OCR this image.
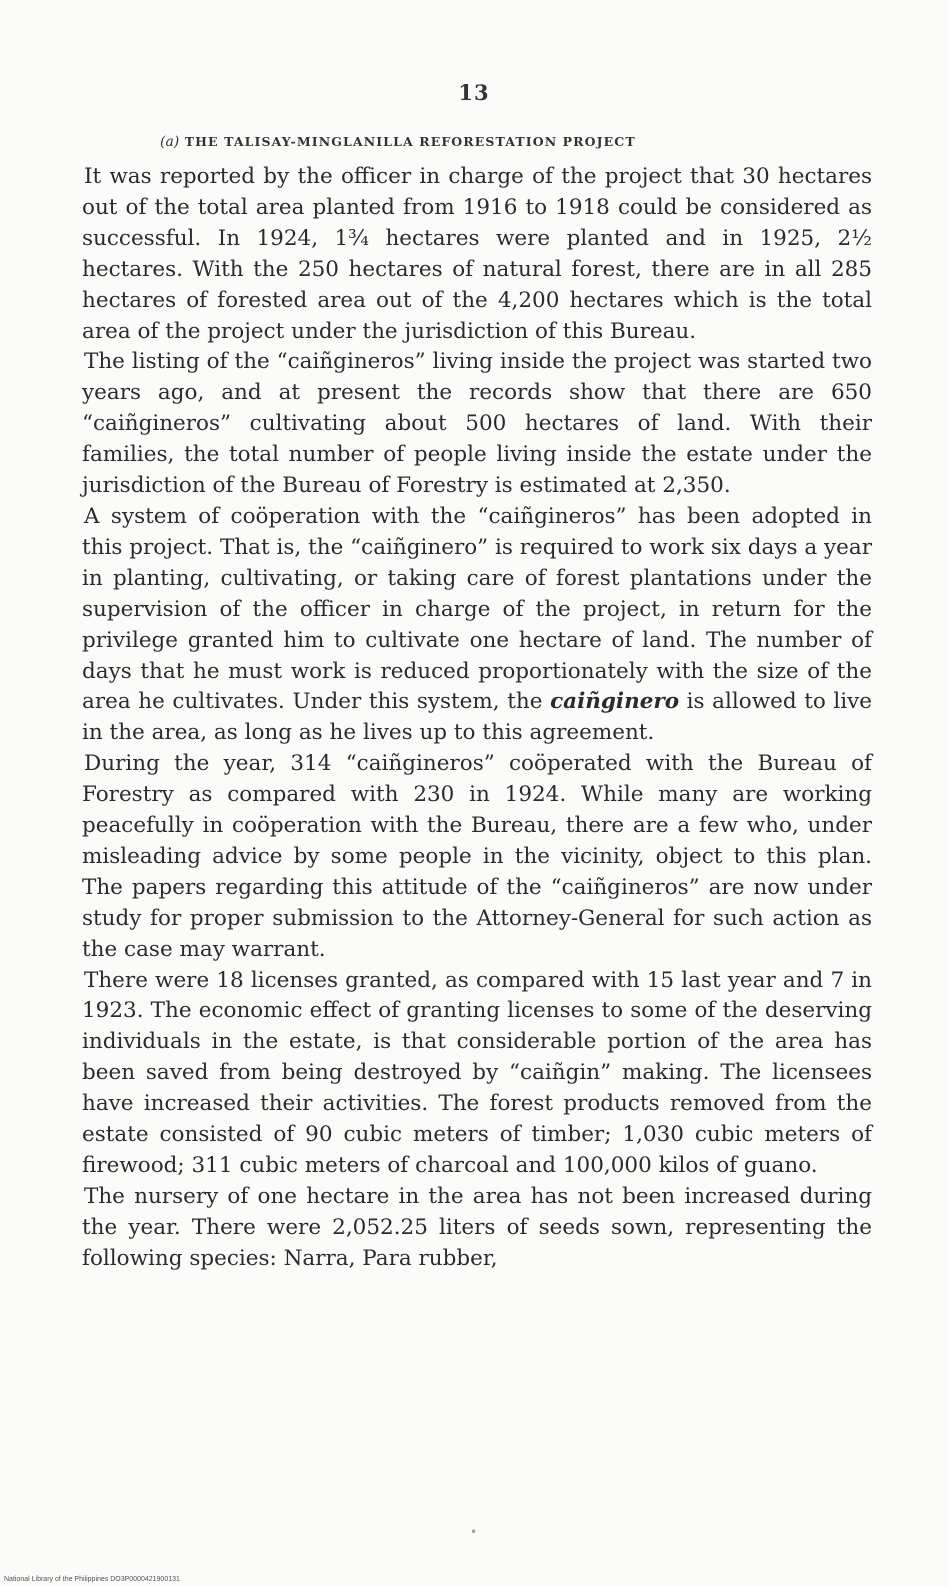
13
(a) THE TALISAY-MINGLANILLA REFORESTATION PROJECT

It was reported by the officer in charge of the project that 30 hectares out of the total area planted from 1916 to 1918 could be considered as successful. In 1924, 1¾ hectares were planted and in 1925, 2½ hectares. With the 250 hectares of natural forest, there are in all 285 hectares of forested area out of the 4,200 hectares which is the total area of the project under the jurisdiction of this Bureau.

The listing of the “caiñgineros” living inside the project was started two years ago, and at present the records show that there are 650 “caiñgineros” cultivating about 500 hectares of land. With their families, the total number of people living inside the estate under the jurisdiction of the Bureau of Forestry is estimated at 2,350.

A system of coöperation with the “caiñgineros” has been adopted in this project. That is, the “caiñginero” is required to work six days a year in planting, cultivating, or taking care of forest plantations under the supervision of the officer in charge of the project, in return for the privilege granted him to cultivate one hectare of land. The number of days that he must work is reduced proportionately with the size of the area he cultivates. Under this system, the caiñginero is allowed to live in the area, as long as he lives up to this agreement.

During the year, 314 “caiñgineros” coöperated with the Bureau of Forestry as compared with 230 in 1924. While many are working peacefully in coöperation with the Bureau, there are a few who, under misleading advice by some people in the vicinity, object to this plan. The papers regarding this attitude of the “caiñgineros” are now under study for proper submission to the Attorney-General for such action as the case may warrant.

There were 18 licenses granted, as compared with 15 last year and 7 in 1923. The economic effect of granting licenses to some of the deserving individuals in the estate, is that considerable portion of the area has been saved from being destroyed by “caiñgin” making. The licensees have increased their activities. The forest products removed from the estate consisted of 90 cubic meters of timber; 1,030 cubic meters of firewood; 311 cubic meters of charcoal and 100,000 kilos of guano.

The nursery of one hectare in the area has not been increased during the year. There were 2,052.25 liters of seeds sown, representing the following species: Narra, Para rubber,

•
National Library of the Philippines DO3P0000421900131
